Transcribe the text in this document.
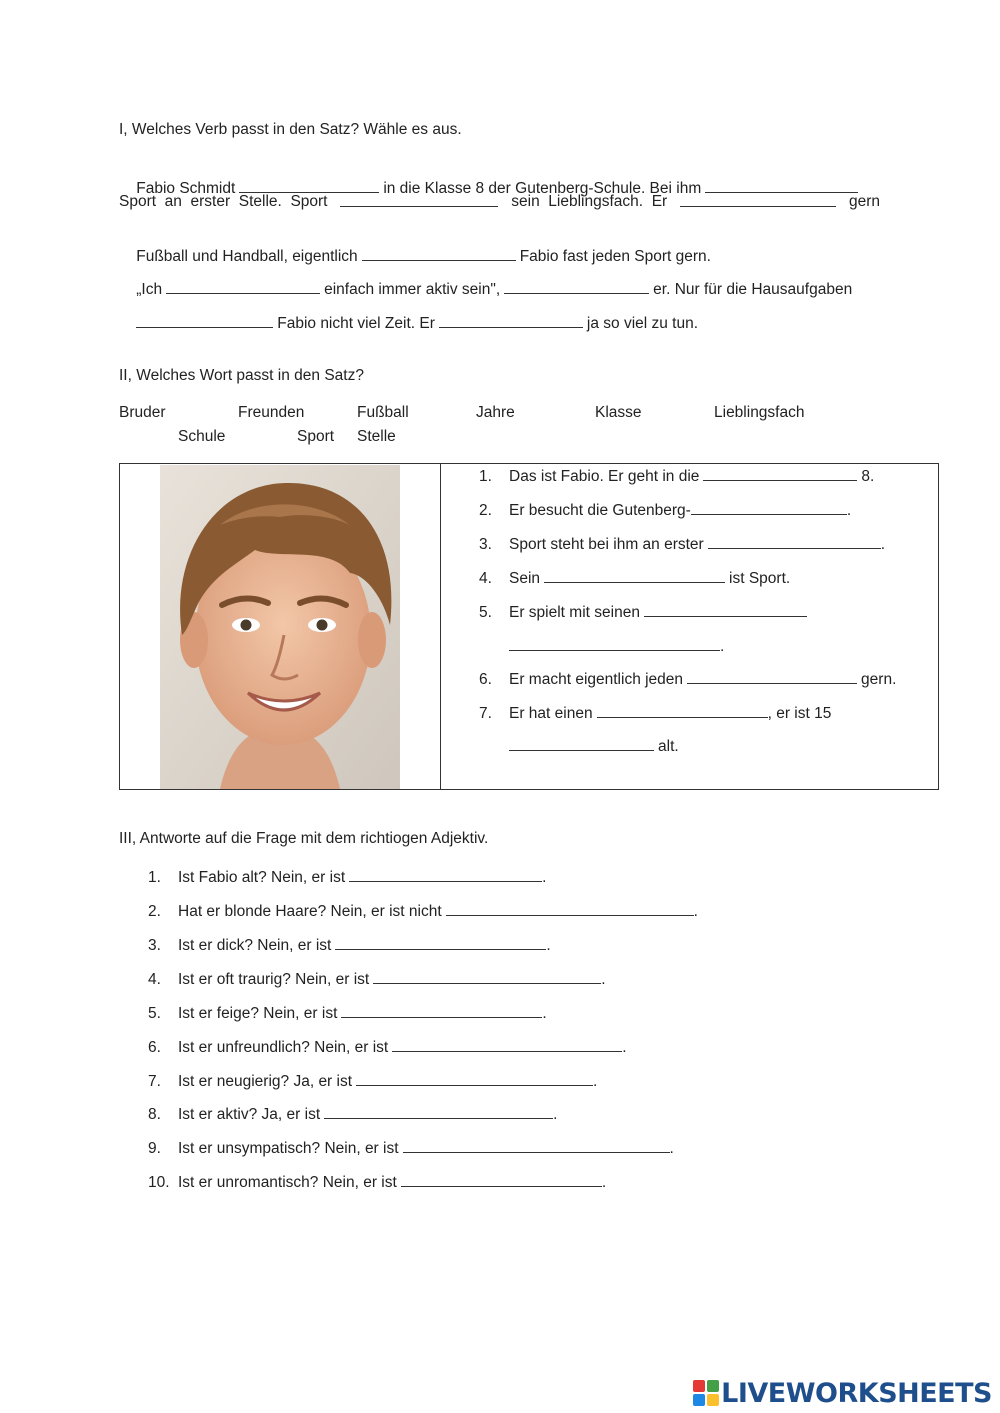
I, Welches Verb passt in den Satz? Wähle es aus.

Fabio Schmidt	in die Klasse 8 der Gutenberg-Schule. Bei ihm

Sport  an  erster  Stelle.  Sport	sein  Lieblingsfach.  Er	gern

Fußball und Handball, eigentlich	Fabio fast jeden Sport gern.

„Ich	einfach immer aktiv sein",	er. Nur für die Hausaufgaben

Fabio nicht viel Zeit. Er	ja so viel zu tun.

II, Welches Wort passt in den Satz?
Bruder	Freunden	Fußball	Jahre	Klasse	Lieblingsfach
Schule	Sport Stelle
1. Das ist Fabio. Er geht in die	8.
2. Er besucht die Gutenberg-	.
3. Sport steht bei ihm an erster	.
4. Sein	ist Sport.
5. Er spielt mit seinen
.
6. Er macht eigentlich jeden	gern.
7. Er hat einen	, er ist 15
alt.
III, Antworte auf die Frage mit dem richtiogen Adjektiv.
1. Ist Fabio alt? Nein, er ist	.
2. Hat er blonde Haare? Nein, er ist nicht	.
3. Ist er dick? Nein, er ist	.
4. Ist er oft traurig? Nein, er ist	.
5. Ist er feige? Nein, er ist	.
6. Ist er unfreundlich? Nein, er ist	.
7. Ist er neugierig? Ja, er ist	.
8. Ist er aktiv? Ja, er ist	.
9. Ist er unsympatisch? Nein, er ist	.
10. Ist er unromantisch? Nein, er ist	.
LIVEWORKSHEETS
